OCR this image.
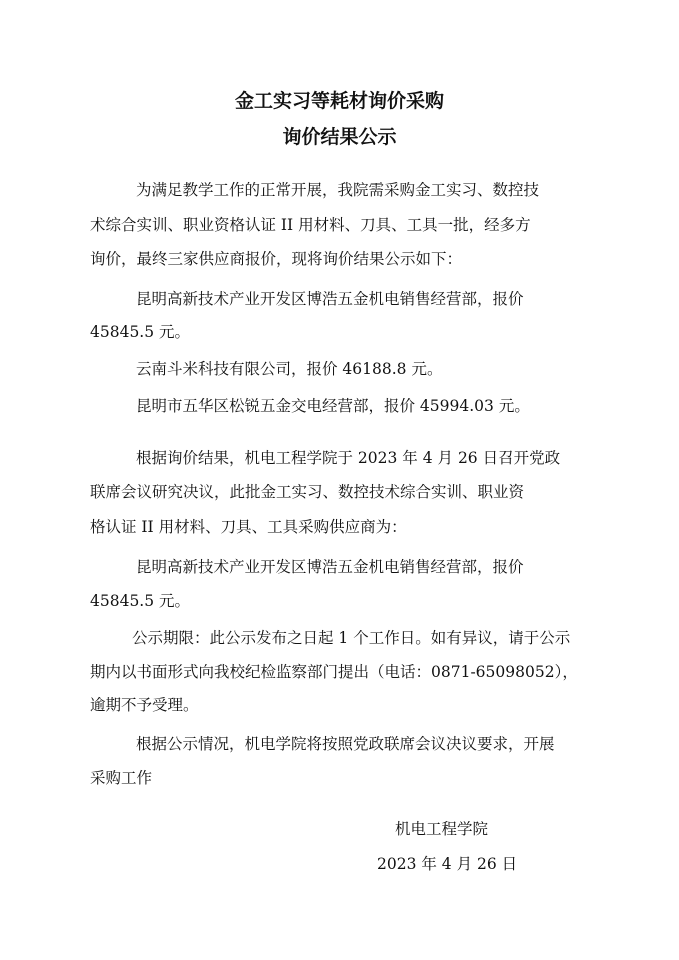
金工实习等耗材询价采购
询价结果公示

为满足教学工作的正常开展，我院需采购金工实习、数控技

术综合实训、职业资格认证 II 用材料、刀具、工具一批，经多方

询价，最终三家供应商报价，现将询价结果公示如下：

昆明高新技术产业开发区博浩五金机电销售经营部，报价

45845.5 元。

云南斗米科技有限公司，报价 46188.8 元。

昆明市五华区松锐五金交电经营部，报价 45994.03 元。

根据询价结果，机电工程学院于 2023 年 4 月 26 日召开党政

联席会议研究决议，此批金工实习、数控技术综合实训、职业资

格认证 II 用材料、刀具、工具采购供应商为：

昆明高新技术产业开发区博浩五金机电销售经营部，报价

45845.5 元。

公示期限：此公示发布之日起 1 个工作日。如有异议，请于公示

期内以书面形式向我校纪检监察部门提出（电话：0871-65098052），

逾期不予受理。

根据公示情况，机电学院将按照党政联席会议决议要求，开展

采购工作

机电工程学院

2023 年 4 月 26 日
